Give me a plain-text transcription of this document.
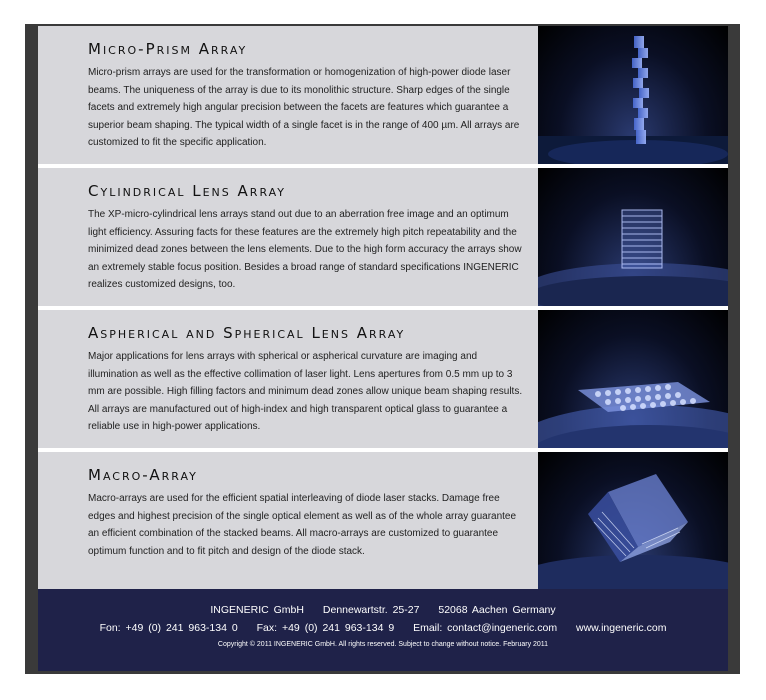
Micro-Prism Array

Micro-prism arrays are used for the transformation or homogenization of high-power diode laser beams. The uniqueness of the array is due to its monolithic structure. Sharp edges of the single facets and extremely high angular precision between the facets are features which guarantee a superior beam shaping. The typical width of a single facet is in the range of 400 µm. All arrays are customized to fit the specific application.

Cylindrical Lens Array

The XP-micro-cylindrical lens arrays stand out due to an aberration free image and an optimum light efficiency. Assuring facts for these features are the extremely high pitch repeatability and the minimized dead zones between the lens elements. Due to the high form accuracy the arrays show an extremely stable focus position. Besides a broad range of standard specifications INGENERIC realizes customized designs, too.

Aspherical and Spherical Lens Array

Major applications for lens arrays with spherical or aspherical curvature are imaging and illumination as well as the effective collimation of laser light. Lens apertures from 0.5 mm up to 3 mm are possible. High filling factors and minimum dead zones allow unique beam shaping results. All arrays are manufactured out of high-index and high transparent optical glass to guarantee a reliable use in high-power applications.

Macro-Array

Macro-arrays are used for the efficient spatial interleaving of diode laser stacks. Damage free edges and highest precision of the single optical element as well as of the whole array guarantee an efficient combination of the stacked beams. All macro-arrays are customized to guarantee optimum function and to fit pitch and design of the diode stack.

INGENERIC GmbH Dennewartstr. 25-27 52068 Aachen Germany
Fon: +49 (0) 241 963-134 0 Fax: +49 (0) 241 963-134 9 Email: contact@ingeneric.com www.ingeneric.com
Copyright © 2011 INGENERIC GmbH. All rights reserved. Subject to change without notice. February 2011
